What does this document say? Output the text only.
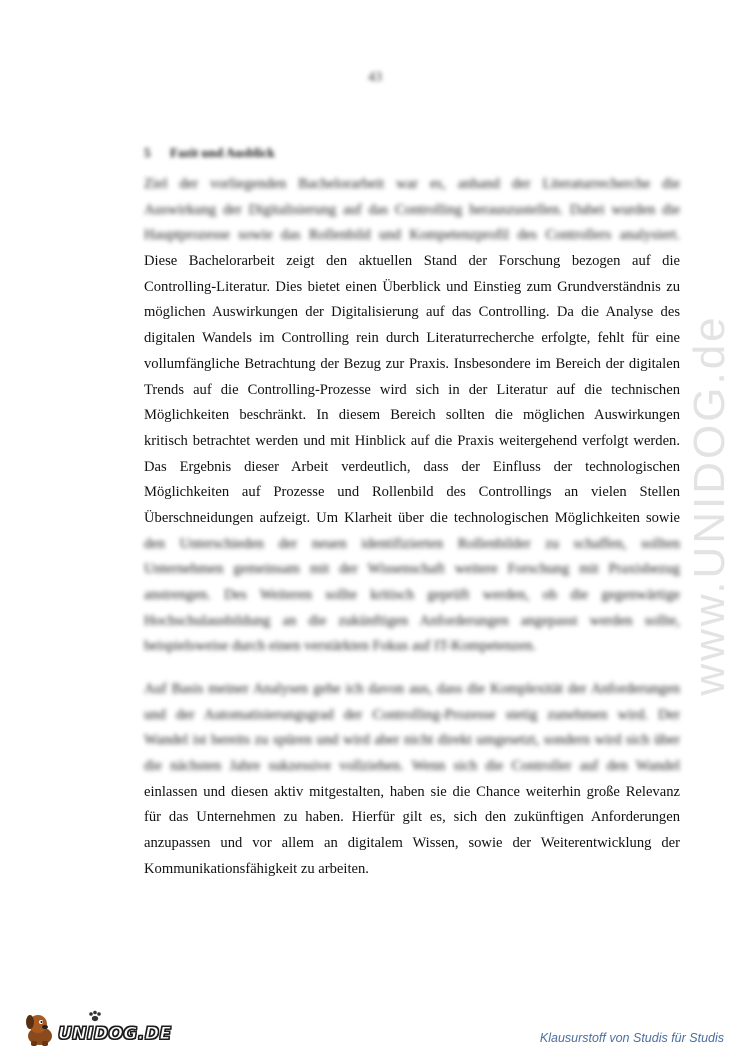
43
5 Fazit und Ausblick
Ziel der vorliegenden Bachelorarbeit war es, anhand der Literaturrecherche die
Auswirkung der Digitalisierung auf das Controlling herauszustellen. Dabei wurden die
Hauptprozesse sowie das Rollenbild und Kompetenzprofil des Controllers analysiert.
Diese Bachelorarbeit zeigt den aktuellen Stand der Forschung bezogen auf die
Controlling-Literatur. Dies bietet einen Überblick und Einstieg zum Grundverständnis zu
möglichen Auswirkungen der Digitalisierung auf das Controlling. Da die Analyse des
digitalen Wandels im Controlling rein durch Literaturrecherche erfolgte, fehlt für eine
vollumfängliche Betrachtung der Bezug zur Praxis. Insbesondere im Bereich der digitalen
Trends auf die Controlling-Prozesse wird sich in der Literatur auf die technischen
Möglichkeiten beschränkt. In diesem Bereich sollten die möglichen Auswirkungen
kritisch betrachtet werden und mit Hinblick auf die Praxis weitergehend verfolgt werden.
Das Ergebnis dieser Arbeit verdeutlich, dass der Einfluss der technologischen
Möglichkeiten auf Prozesse und Rollenbild des Controllings an vielen Stellen
Überschneidungen aufzeigt. Um Klarheit über die technologischen Möglichkeiten sowie
den Unterschieden der neuen identifizierten Rollenbilder zu schaffen, sollten
Unternehmen gemeinsam mit der Wissenschaft weitere Forschung mit Praxisbezug
anstrengen. Des Weiteren sollte kritisch geprüft werden, ob die gegenwärtige
Hochschulausbildung an die zukünftigen Anforderungen angepasst werden sollte,
beispielsweise durch einen verstärkten Fokus auf IT-Kompetenzen.
Auf Basis meiner Analysen gehe ich davon aus, dass die Komplexität der Anforderungen
und der Automatisierungsgrad der Controlling-Prozesse stetig zunehmen wird. Der
Wandel ist bereits zu spüren und wird aber nicht direkt umgesetzt, sondern wird sich über
die nächsten Jahre sukzessive vollziehen. Wenn sich die Controller auf den Wandel
einlassen und diesen aktiv mitgestalten, haben sie die Chance weiterhin große Relevanz
für das Unternehmen zu haben. Hierfür gilt es, sich den zukünftigen Anforderungen
anzupassen und vor allem an digitalem Wissen, sowie der Weiterentwicklung der
Kommunikationsfähigkeit zu arbeiten.
www.UNIDOG.de
UNIDOG.DE	Klausurstoff von Studis für Studis
